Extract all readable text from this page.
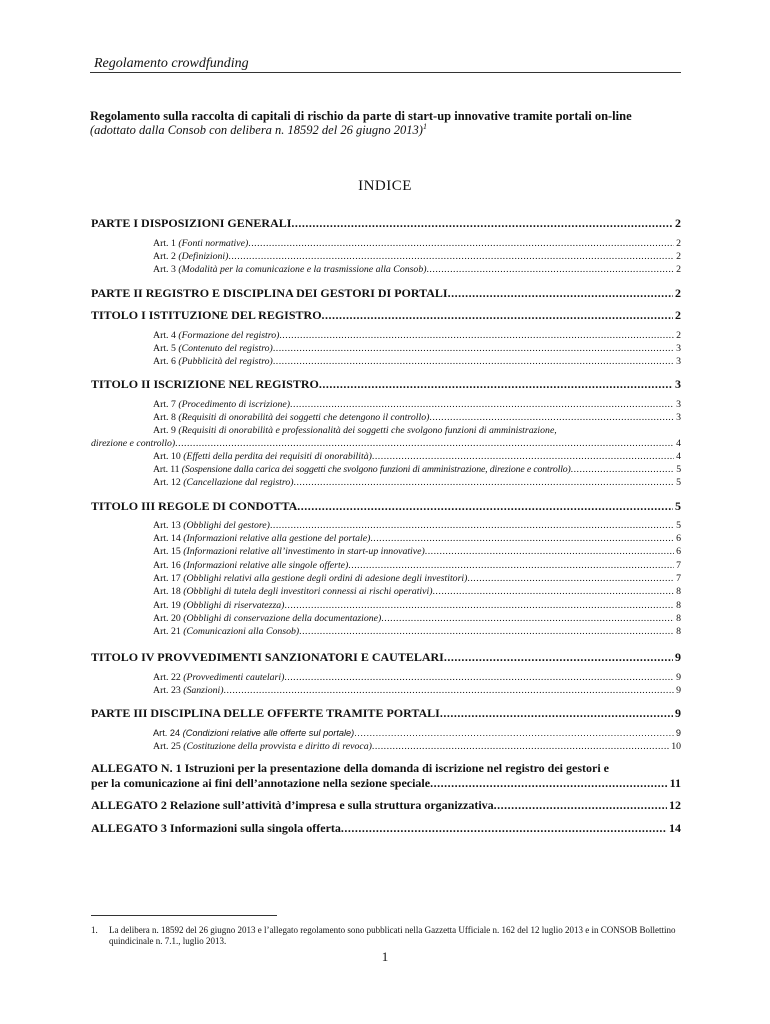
Regolamento crowdfunding
Regolamento sulla raccolta di capitali di rischio da parte di start-up innovative tramite portali on-line
(adottato dalla Consob con delibera n. 18592 del 26 giugno 2013)$^1$
INDICE
PARTE I DISPOSIZIONI GENERALI .....	2
Art. 1 (Fonti normative) .....	2
Art. 2 (Definizioni) .....	2
Art. 3 (Modalità per la comunicazione e la trasmissione alla Consob) .....	2
PARTE II REGISTRO E DISCIPLINA DEI GESTORI DI PORTALI .....	2
TITOLO I ISTITUZIONE DEL REGISTRO .....	2
Art. 4 (Formazione del registro) .....	2
Art. 5 (Contenuto del registro) .....	3
Art. 6 (Pubblicità del registro) .....	3
TITOLO II ISCRIZIONE NEL REGISTRO .....	3
Art. 7 (Procedimento di iscrizione) .....	3
Art. 8 (Requisiti di onorabilità dei soggetti che detengono il controllo) .....	3
Art. 9 (Requisiti di onorabilità e professionalità dei soggetti che svolgono funzioni di amministrazione,
direzione e controllo) .....	4
Art. 10 (Effetti della perdita dei requisiti di onorabilità) .....	4
Art. 11 (Sospensione dalla carica dei soggetti che svolgono funzioni di amministrazione, direzione e controllo) .....	5
Art. 12 (Cancellazione dal registro) .....	5
TITOLO III REGOLE DI CONDOTTA .....	5
Art. 13 (Obblighi del gestore) .....	5
Art. 14 (Informazioni relative alla gestione del portale) .....	6
Art. 15 (Informazioni relative all’investimento in start-up innovative) .....	6
Art. 16 (Informazioni relative alle singole offerte) .....	7
Art. 17 (Obblighi relativi alla gestione degli ordini di adesione degli investitori) .....	7
Art. 18 (Obblighi di tutela degli investitori connessi ai rischi operativi) .....	8
Art. 19 (Obblighi di riservatezza) .....	8
Art. 20 (Obblighi di conservazione della documentazione) .....	8
Art. 21 (Comunicazioni alla Consob) .....	8
TITOLO IV PROVVEDIMENTI SANZIONATORI E CAUTELARI .....	9
Art. 22 (Provvedimenti cautelari) .....	9
Art. 23 (Sanzioni) .....	9
PARTE III DISCIPLINA DELLE OFFERTE TRAMITE PORTALI .....	9
Art. 24 (Condizioni relative alle offerte sul portale) .....	9
Art. 25 (Costituzione della provvista e diritto di revoca) .....	10
ALLEGATO N. 1 Istruzioni per la presentazione della domanda di iscrizione nel registro dei gestori e
per la comunicazione ai fini dell’annotazione nella sezione speciale .....	11
ALLEGATO 2 Relazione sull’attività d’impresa e sulla struttura organizzativa .....	12
ALLEGATO 3 Informazioni sulla singola offerta .....	14
1.	La delibera n. 18592 del 26 giugno 2013 e l’allegato regolamento sono pubblicati nella Gazzetta Ufficiale n. 162 del 12 luglio 2013 e in CONSOB Bollettino quindicinale n. 7.1., luglio 2013.
1
